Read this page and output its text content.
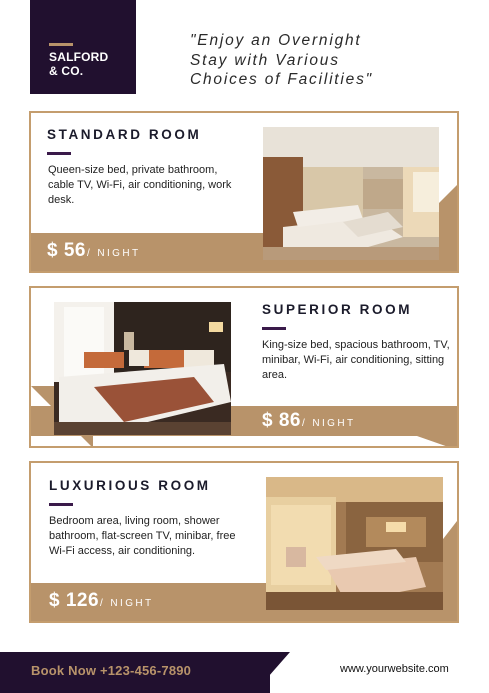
SALFORD
& CO.
"Enjoy an Overnight
Stay with Various
Choices of Facilities"
STANDARD ROOM
Queen-size bed, private bathroom, cable TV, Wi-Fi, air conditioning, work desk.
$ 56/ NIGHT
SUPERIOR ROOM
King-size bed, spacious bathroom, TV, minibar, Wi-Fi, air conditioning, sitting area.
$ 86/ NIGHT
LUXURIOUS ROOM
Bedroom area, living room, shower bathroom, flat-screen TV, minibar, free Wi-Fi access, air conditioning.
$ 126/ NIGHT
Book Now +123-456-7890	www.yourwebsite.com
